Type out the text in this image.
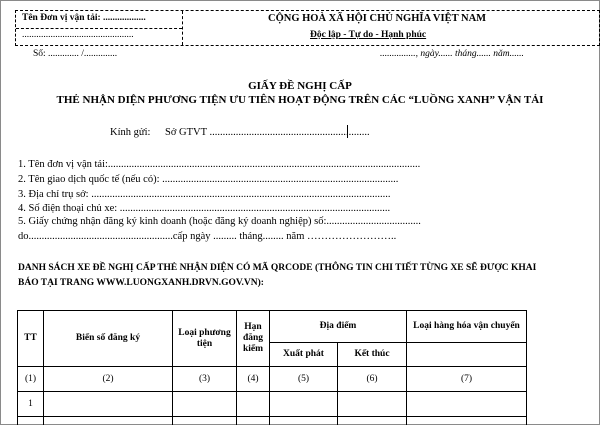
Tên Đơn vị vận tải: ..................
...............................................
Số: ............. /..............
CỘNG HOÀ XÃ HỘI CHỦ NGHĨA VIỆT NAM
Độc lập - Tự do - Hạnh phúc
..............., ngày...... tháng...... năm......
GIẤY ĐỀ NGHỊ CẤP
THẺ NHẬN DIỆN PHƯƠNG TIỆN ƯU TIÊN HOẠT ĐỘNG TRÊN CÁC “LUỒNG XANH” VẬN TẢI
Kính gửi: Sở GTVT .............................................................
1. Tên đơn vị vận tải:.......................................................................................................................
2. Tên giao dịch quốc tế (nếu có): ..........................................................................................
3. Địa chỉ trụ sở: ..................................................................................................................
4. Số điện thoại chủ xe: .......................................................................................................
5. Giấy chứng nhận đăng ký kinh doanh (hoặc đăng ký doanh nghiệp) số:....................................
do.......................................................cấp ngày ......... tháng........ năm ……………………..
DANH SÁCH XE ĐỀ NGHỊ CẤP THẺ NHẬN DIỆN CÓ MÃ QRCODE (THÔNG TIN CHI TIẾT TỪNG XE SẼ ĐƯỢC KHAI
BÁO TẠI TRANG WWW.LUONGXANH.DRVN.GOV.VN):
TT	Biển số đăng ký	Loại phương tiện	Hạn đăng kiểm	Địa điểm		Loại hàng hóa vận chuyển
				Xuất phát	Kết thúc	
(1)	(2)	(3)	(4)	(5)	(6)	(7)
1						
